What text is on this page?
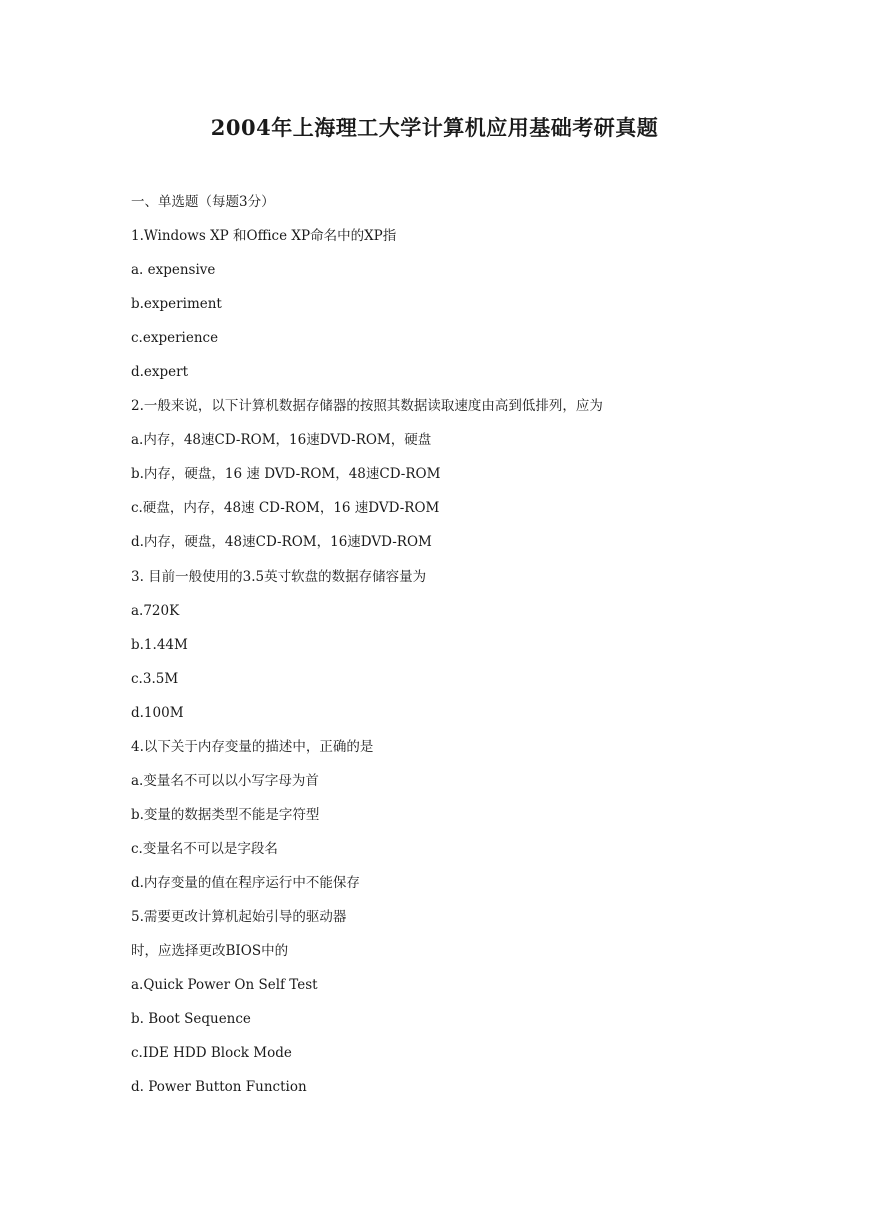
2004年上海理工大学计算机应用基础考研真题
一、单选题（每题3分）
1.Windows XP 和Office XP命名中的XP指
a. expensive
b.experiment
c.experience
d.expert
2.一般来说，以下计算机数据存储器的按照其数据读取速度由高到低排列，应为
a.内存，48速CD-ROM，16速DVD-ROM，硬盘
b.内存，硬盘，16 速 DVD-ROM，48速CD-ROM
c.硬盘，内存，48速 CD-ROM，16 速DVD-ROM
d.内存，硬盘，48速CD-ROM，16速DVD-ROM
3. 目前一般使用的3.5英寸软盘的数据存储容量为
a.720K
b.1.44M
c.3.5M
d.100M
4.以下关于内存变量的描述中，正确的是
a.变量名不可以以小写字母为首
b.变量的数据类型不能是字符型
c.变量名不可以是字段名
d.内存变量的值在程序运行中不能保存
5.需要更改计算机起始引导的驱动器
时，应选择更改BIOS中的
a.Quick Power On Self Test
b. Boot Sequence
c.IDE HDD Block Mode
d. Power Button Function
